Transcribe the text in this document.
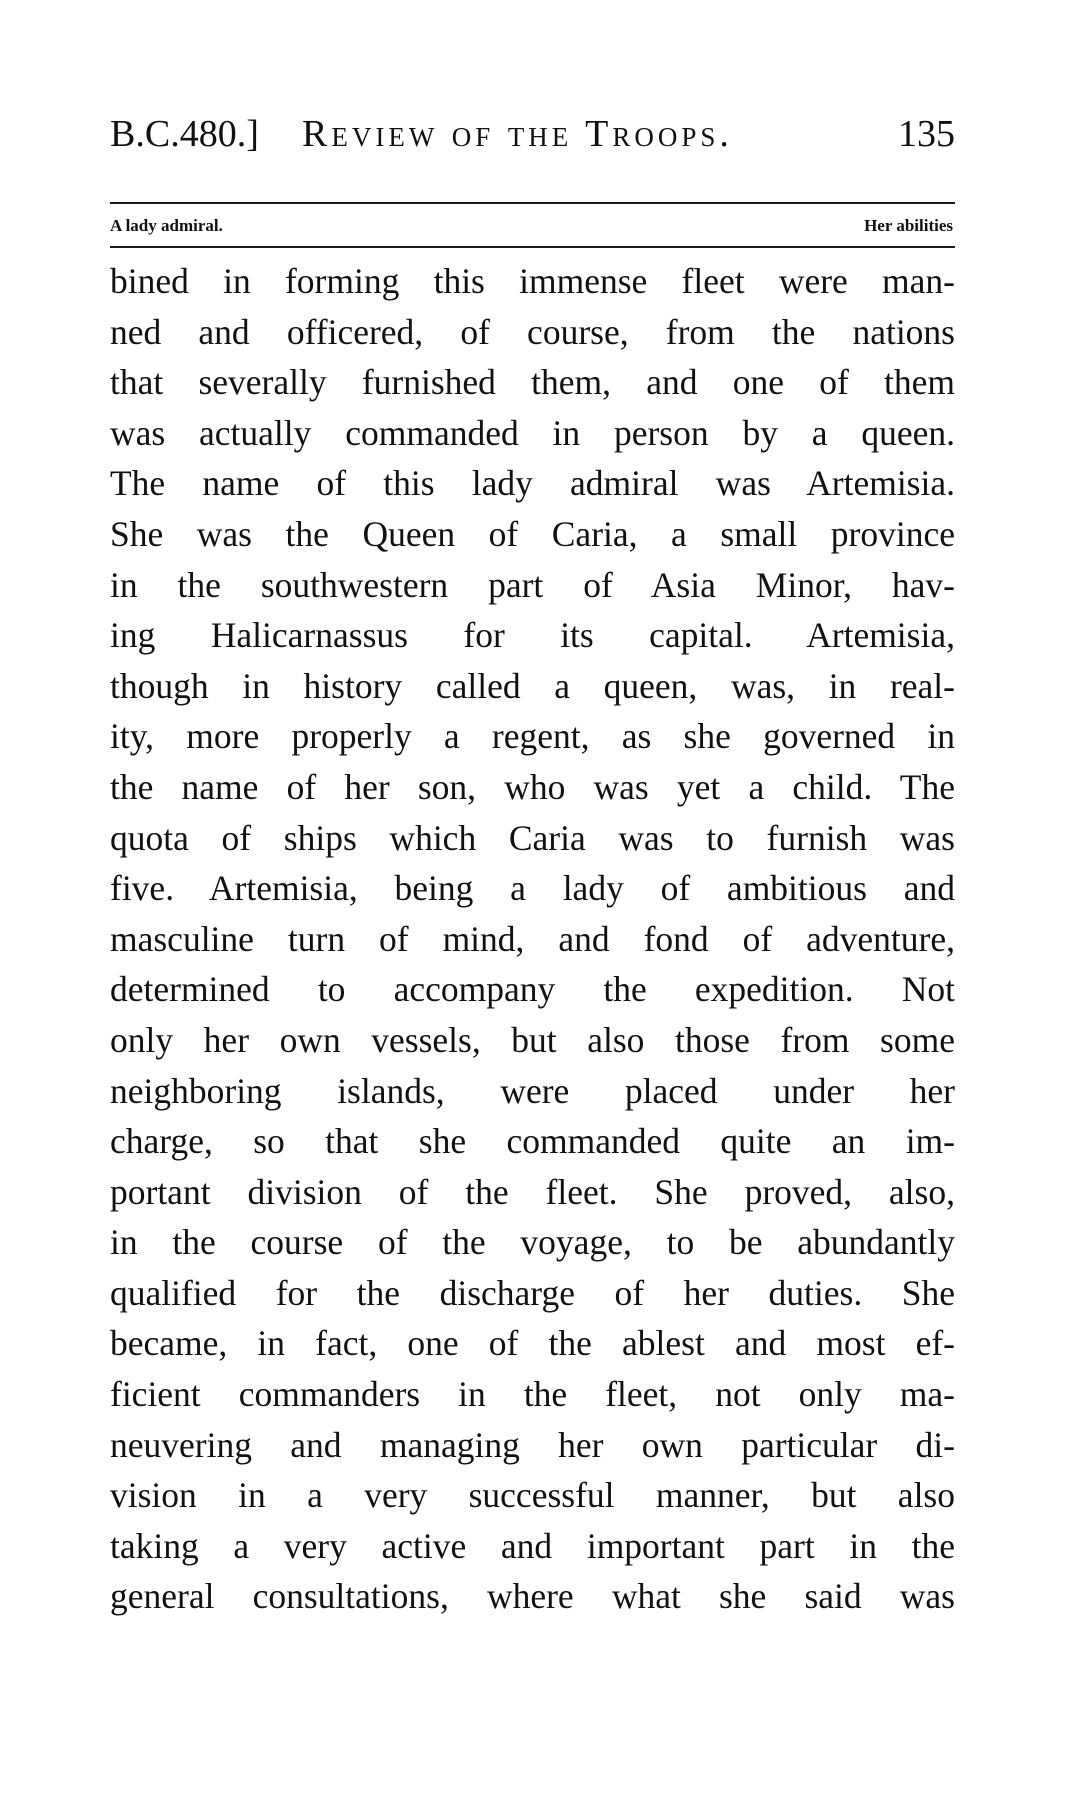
B.C.480.] Review of the Troops.	135
A lady admiral.	Her abilities
bined in forming this immense fleet were man-
ned and officered, of course, from the nations
that severally furnished them, and one of them
was actually commanded in person by a queen.
The name of this lady admiral was Artemisia.
She was the Queen of Caria, a small province
in the southwestern part of Asia Minor, hav-
ing Halicarnassus for its capital. Artemisia,
though in history called a queen, was, in real-
ity, more properly a regent, as she governed in
the name of her son, who was yet a child. The
quota of ships which Caria was to furnish was
five. Artemisia, being a lady of ambitious and
masculine turn of mind, and fond of adventure,
determined to accompany the expedition. Not
only her own vessels, but also those from some
neighboring islands, were placed under her
charge, so that she commanded quite an im-
portant division of the fleet. She proved, also,
in the course of the voyage, to be abundantly
qualified for the discharge of her duties. She
became, in fact, one of the ablest and most ef-
ficient commanders in the fleet, not only ma-
neuvering and managing her own particular di-
vision in a very successful manner, but also
taking a very active and important part in the
general consultations, where what she said was
